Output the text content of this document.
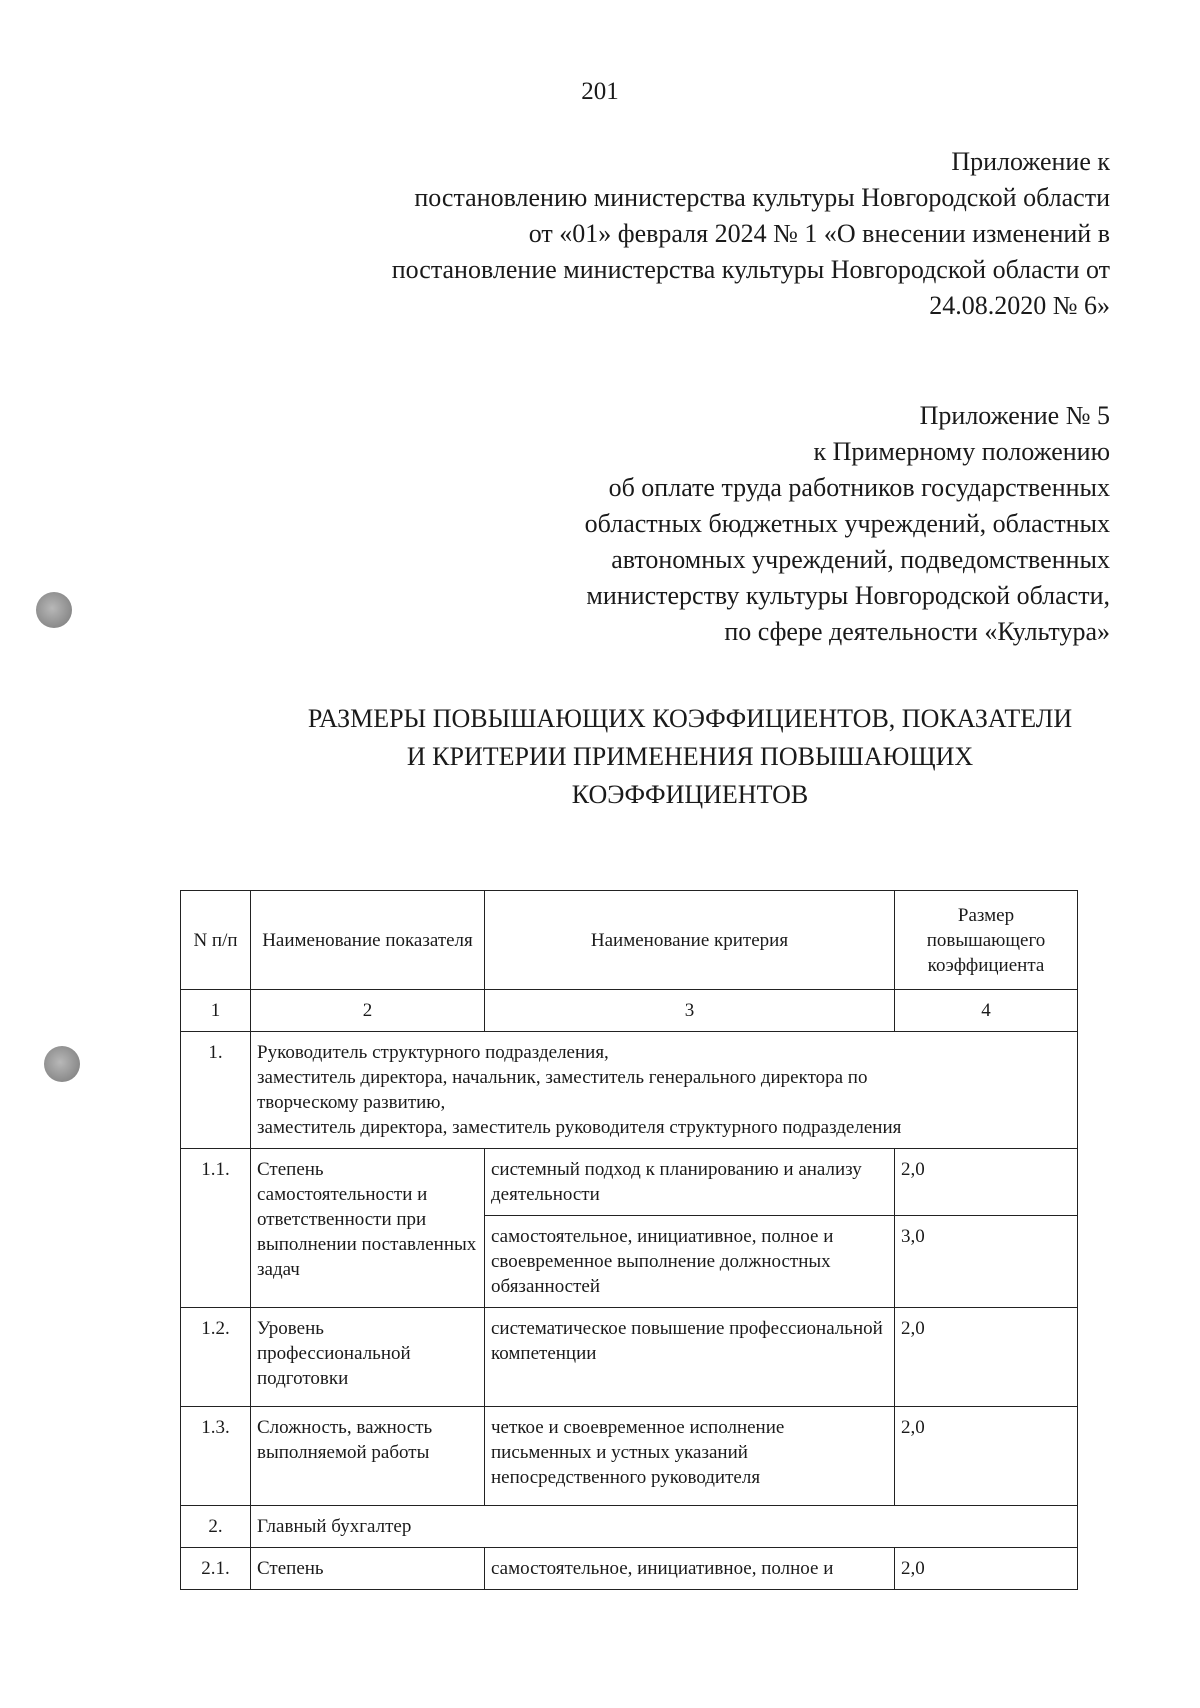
201
Приложение к
постановлению министерства культуры Новгородской области
от «01» февраля 2024 № 1 «О внесении изменений в
постановление министерства культуры Новгородской области от
24.08.2020 № 6»
Приложение № 5
к Примерному положению
об оплате труда работников государственных
областных бюджетных учреждений, областных
автономных учреждений, подведомственных
министерству культуры Новгородской области,
по сфере деятельности «Культура»
РАЗМЕРЫ ПОВЫШАЮЩИХ КОЭФФИЦИЕНТОВ, ПОКАЗАТЕЛИ
И КРИТЕРИИ ПРИМЕНЕНИЯ ПОВЫШАЮЩИХ
КОЭФФИЦИЕНТОВ
N п/п	Наименование показателя	Наименование критерия	Размер повышающего коэффициента
1	2	3	4
1.	Руководитель структурного подразделения,
заместитель директора, начальник, заместитель генерального директора по
творческому развитию,
заместитель директора, заместитель руководителя структурного подразделения		

1.1.	Степень самостоятельности и ответственности при выполнении поставленных задач	системный подход к планированию и анализу деятельности	2,0
		самостоятельное, инициативное, полное и своевременное выполнение должностных обязанностей	3,0
1.2.	Уровень профессиональной подготовки	систематическое повышение профессиональной компетенции	2,0
1.3.	Сложность, важность выполняемой работы	четкое и своевременное исполнение письменных и устных указаний непосредственного руководителя	2,0
2.	Главный бухгалтер		
2.1.	Степень	самостоятельное, инициативное, полное и	2,0
